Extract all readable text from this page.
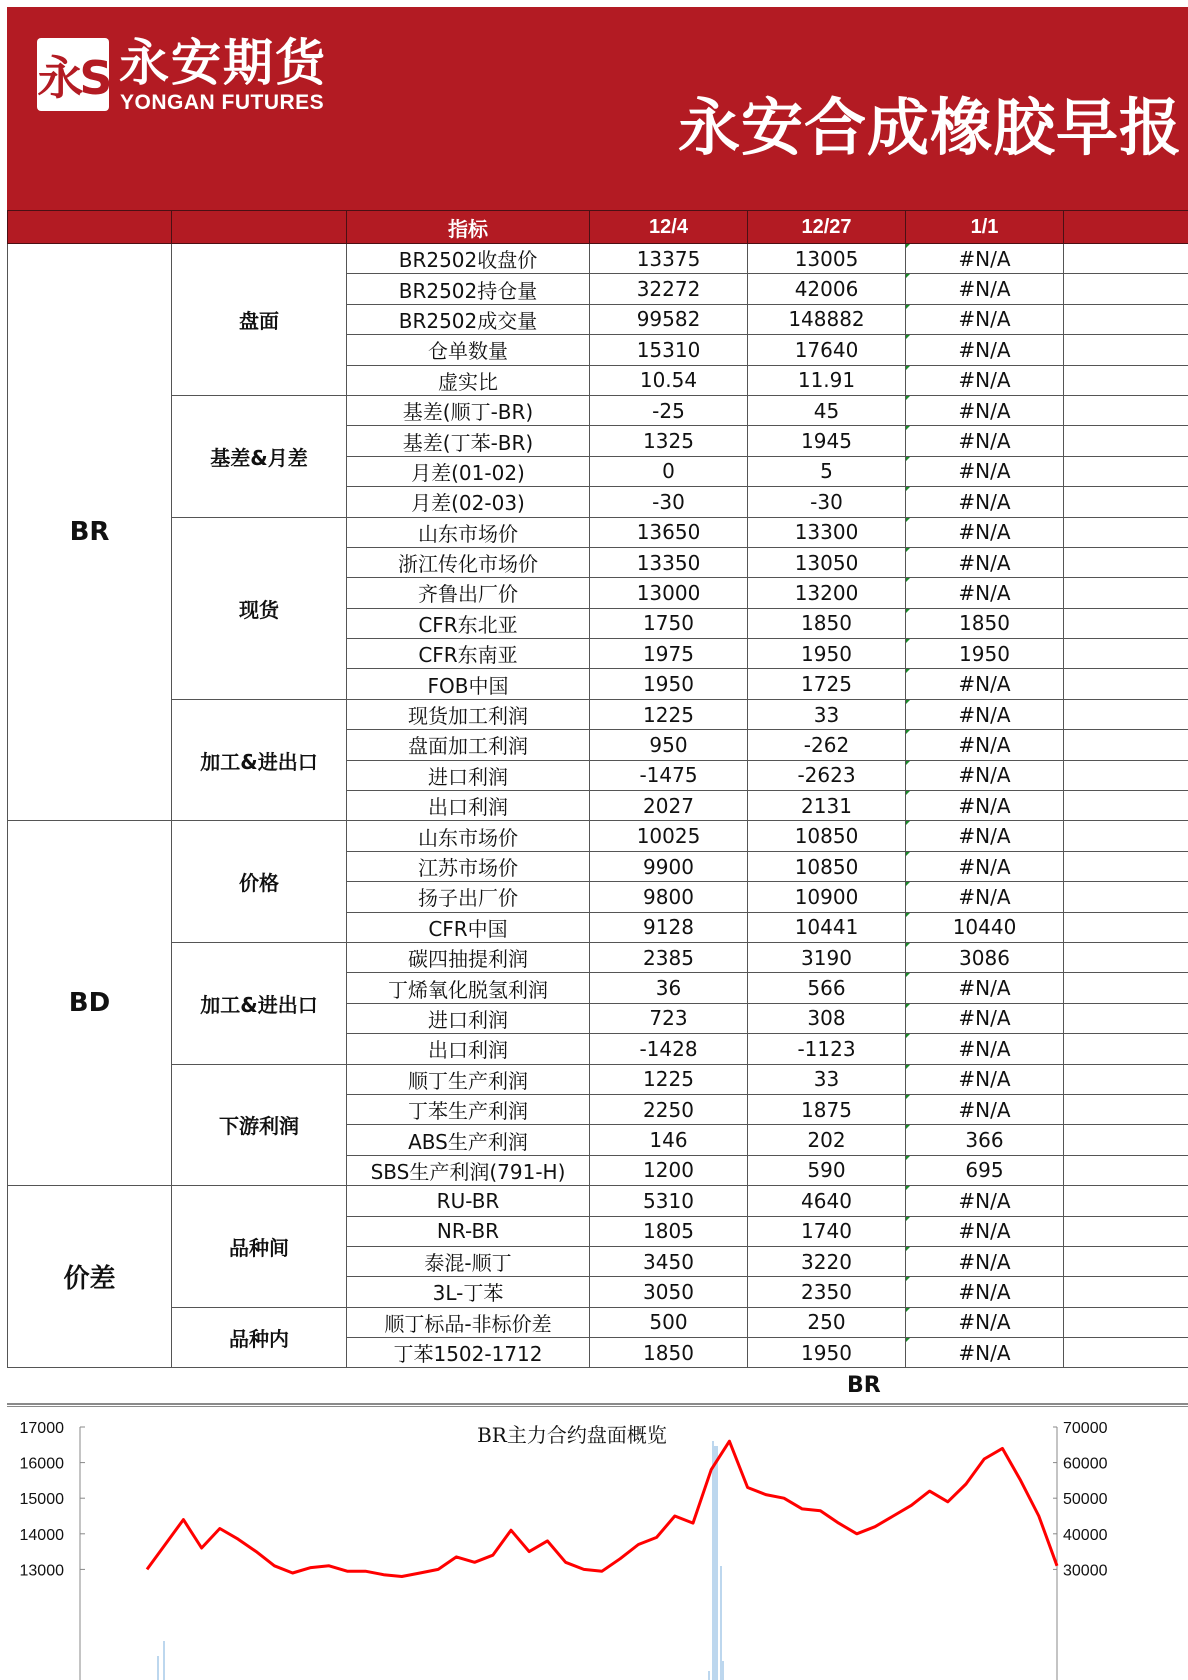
永S 永安期货
YONGAN FUTURES	永安合成橡胶早报
		指标	12/4	12/27	1/1	
BR	盘面	BR2502收盘价	13375	13005	#N/A	
		BR2502持仓量	32272	42006	#N/A	
		BR2502成交量	99582	148882	#N/A	
		仓单数量	15310	17640	#N/A	
		虚实比	10.54	11.91	#N/A	
	基差&月差	基差(顺丁-BR)	-25	45	#N/A	
		基差(丁苯-BR)	1325	1945	#N/A	
		月差(01-02)	0	5	#N/A	
		月差(02-03)	-30	-30	#N/A	
	现货	山东市场价	13650	13300	#N/A	
		浙江传化市场价	13350	13050	#N/A	
		齐鲁出厂价	13000	13200	#N/A	
		CFR东北亚	1750	1850	1850	
		CFR东南亚	1975	1950	1950	
		FOB中国	1950	1725	#N/A	
	加工&进出口	现货加工利润	1225	33	#N/A	
		盘面加工利润	950	-262	#N/A	
		进口利润	-1475	-2623	#N/A	
		出口利润	2027	2131	#N/A	
BD	价格	山东市场价	10025	10850	#N/A	
		江苏市场价	9900	10850	#N/A	
		扬子出厂价	9800	10900	#N/A	
		CFR中国	9128	10441	10440	
	加工&进出口	碳四抽提利润	2385	3190	3086	
		丁烯氧化脱氢利润	36	566	#N/A	
		进口利润	723	308	#N/A	
		出口利润	-1428	-1123	#N/A	
	下游利润	顺丁生产利润	1225	33	#N/A	
		丁苯生产利润	2250	1875	#N/A	
		ABS生产利润	146	202	366	
		SBS生产利润(791-H)	1200	590	695	
价差	品种间	RU-BR	5310	4640	#N/A	
		NR-BR	1805	1740	#N/A	
		泰混-顺丁	3450	3220	#N/A	
		3L-丁苯	3050	2350	#N/A	
	品种内	顺丁标品-非标价差	500	250	#N/A	
		丁苯1502-1712	1850	1950	#N/A	
BR
17000
16000
15000
14000
13000
70000
60000
50000
40000
30000
BR主力合约盘面概览
